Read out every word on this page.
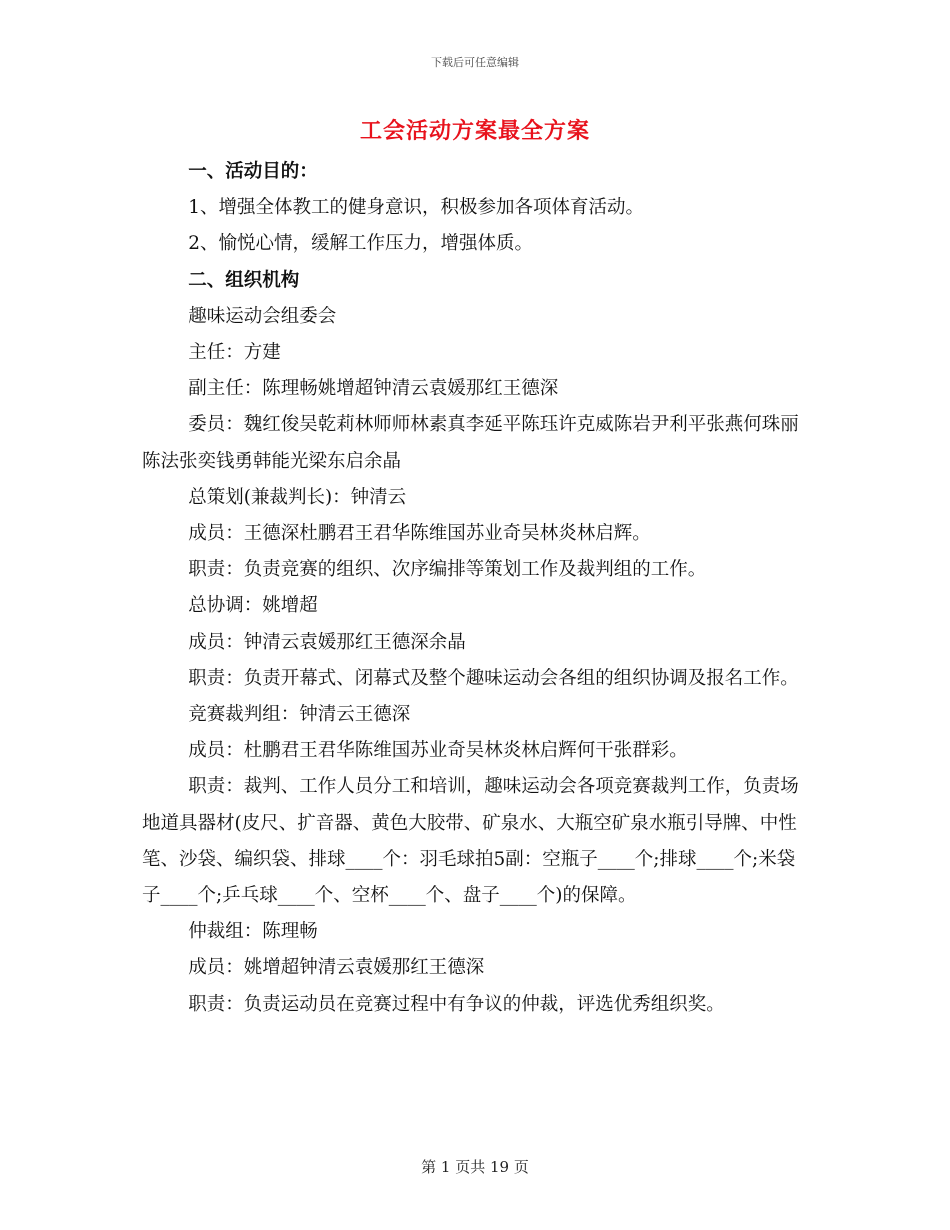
下载后可任意编辑
工会活动方案最全方案

一、活动目的：

1、增强全体教工的健身意识，积极参加各项体育活动。

2、愉悦心情，缓解工作压力，增强体质。

二、组织机构

趣味运动会组委会

主任：方建

副主任：陈理畅姚增超钟清云袁媛那红王德深

委员：魏红俊吴乾莉林师师林素真李延平陈珏许克威陈岩尹利平张燕何珠丽陈法张奕钱勇韩能光梁东启余晶

总策划(兼裁判长)：钟清云

成员：王德深杜鹏君王君华陈维国苏业奇吴林炎林启辉。

职责：负责竞赛的组织、次序编排等策划工作及裁判组的工作。

总协调：姚增超

成员：钟清云袁媛那红王德深余晶

职责：负责开幕式、闭幕式及整个趣味运动会各组的组织协调及报名工作。

竞赛裁判组：钟清云王德深

成员：杜鹏君王君华陈维国苏业奇吴林炎林启辉何干张群彩。

职责：裁判、工作人员分工和培训，趣味运动会各项竞赛裁判工作，负责场地道具器材(皮尺、扩音器、黄色大胶带、矿泉水、大瓶空矿泉水瓶引导牌、中性笔、沙袋、编织袋、排球____个：羽毛球拍5副：空瓶子____个;排球____个;米袋子____个;乒乓球____个、空杯____个、盘子____个)的保障。

仲裁组：陈理畅

成员：姚增超钟清云袁媛那红王德深

职责：负责运动员在竞赛过程中有争议的仲裁，评选优秀组织奖。

第 1 页共 19 页
